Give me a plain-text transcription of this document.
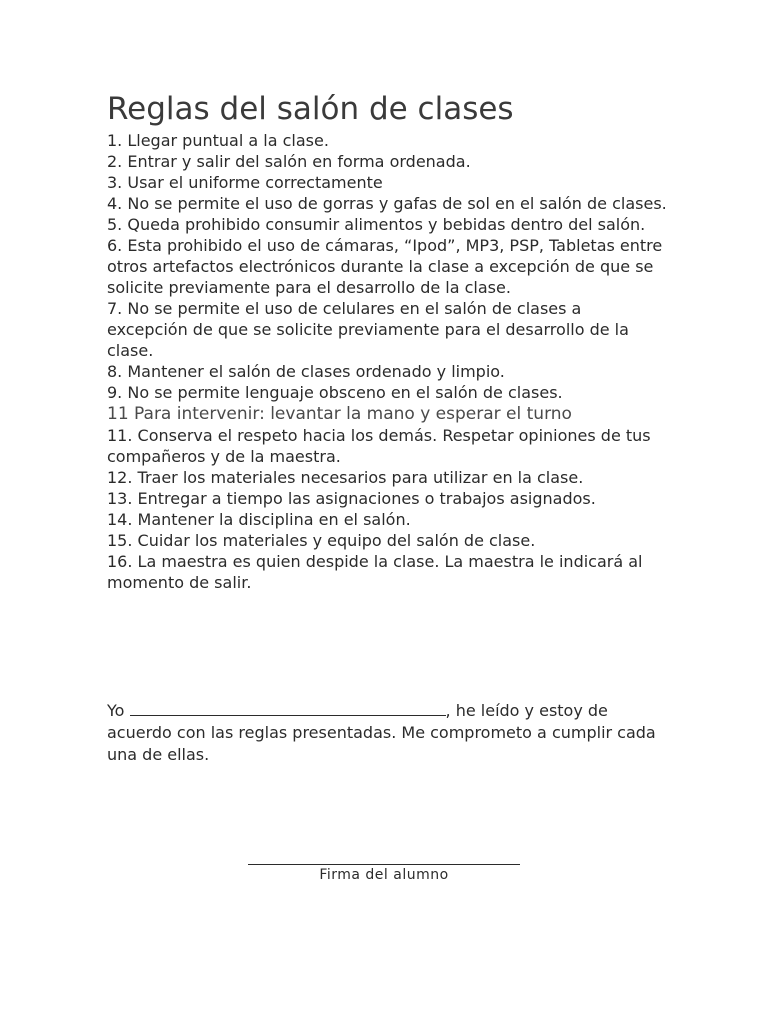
Reglas del salón de clases
1. Llegar puntual a la clase.
2. Entrar y salir del salón en forma ordenada.
3. Usar el uniforme correctamente
4. No se permite el uso de gorras y gafas de sol en el salón de clases.
5. Queda prohibido consumir alimentos y bebidas dentro del salón.
6. Esta prohibido el uso de cámaras, “Ipod”, MP3, PSP, Tabletas entre otros artefactos electrónicos durante la clase a excepción de que se solicite previamente para el desarrollo de la clase.
7. No se permite el uso de celulares en el salón de clases a excepción de que se solicite previamente para el desarrollo de la clase.
8. Mantener el salón de clases ordenado y limpio.
9. No se permite lenguaje obsceno en el salón de clases.
11 Para intervenir: levantar la mano y esperar el turno
11. Conserva el respeto hacia los demás. Respetar opiniones de tus compañeros y de la maestra.
12. Traer los materiales necesarios para utilizar en la clase.
13. Entregar a tiempo las asignaciones o trabajos asignados.
14. Mantener la disciplina en el salón.
15. Cuidar los materiales y equipo del salón de clase.
16. La maestra es quien despide la clase. La maestra le indicará al momento de salir.

Yo	, he leído y estoy de acuerdo con las reglas presentadas. Me comprometo a cumplir cada una de ellas.

Firma del alumno
